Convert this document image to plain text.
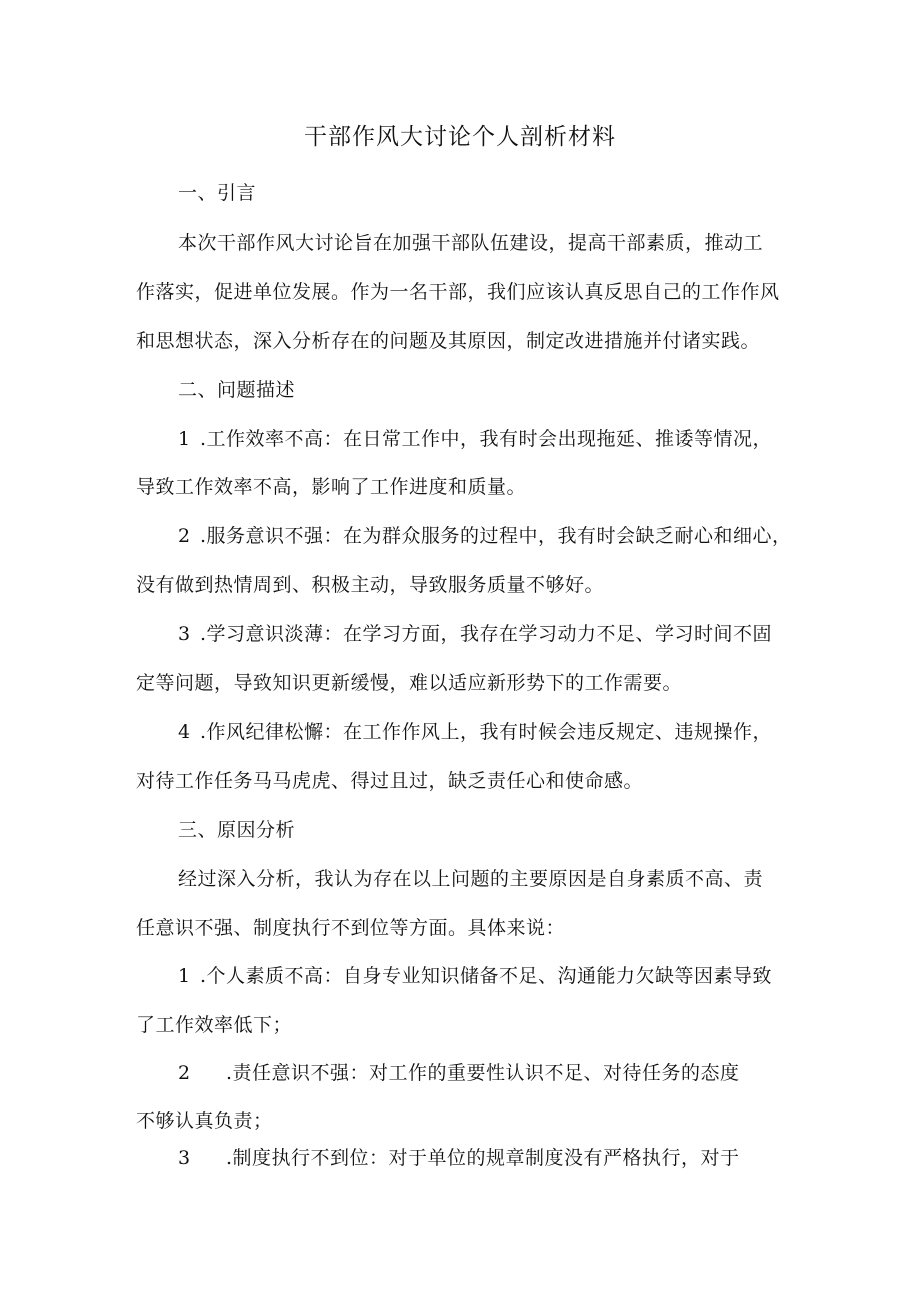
干部作风大讨论个人剖析材料
一、引言
本次干部作风大讨论旨在加强干部队伍建设，提高干部素质，推动工
作落实，促进单位发展。作为一名干部，我们应该认真反思自己的工作作风
和思想状态，深入分析存在的问题及其原因，制定改进措施并付诸实践。
二、问题描述
1 .工作效率不高：在日常工作中，我有时会出现拖延、推诿等情况，
导致工作效率不高，影响了工作进度和质量。
2 .服务意识不强：在为群众服务的过程中，我有时会缺乏耐心和细心，
没有做到热情周到、积极主动，导致服务质量不够好。
3 .学习意识淡薄：在学习方面，我存在学习动力不足、学习时间不固
定等问题，导致知识更新缓慢，难以适应新形势下的工作需要。
4 .作风纪律松懈：在工作作风上，我有时候会违反规定、违规操作，
对待工作任务马马虎虎、得过且过，缺乏责任心和使命感。
三、原因分析
经过深入分析，我认为存在以上问题的主要原因是自身素质不高、责
任意识不强、制度执行不到位等方面。具体来说：
1 .个人素质不高：自身专业知识储备不足、沟通能力欠缺等因素导致
了工作效率低下；
2 .责任意识不强：对工作的重要性认识不足、对待任务的态度
不够认真负责；
3 .制度执行不到位：对于单位的规章制度没有严格执行，对于
